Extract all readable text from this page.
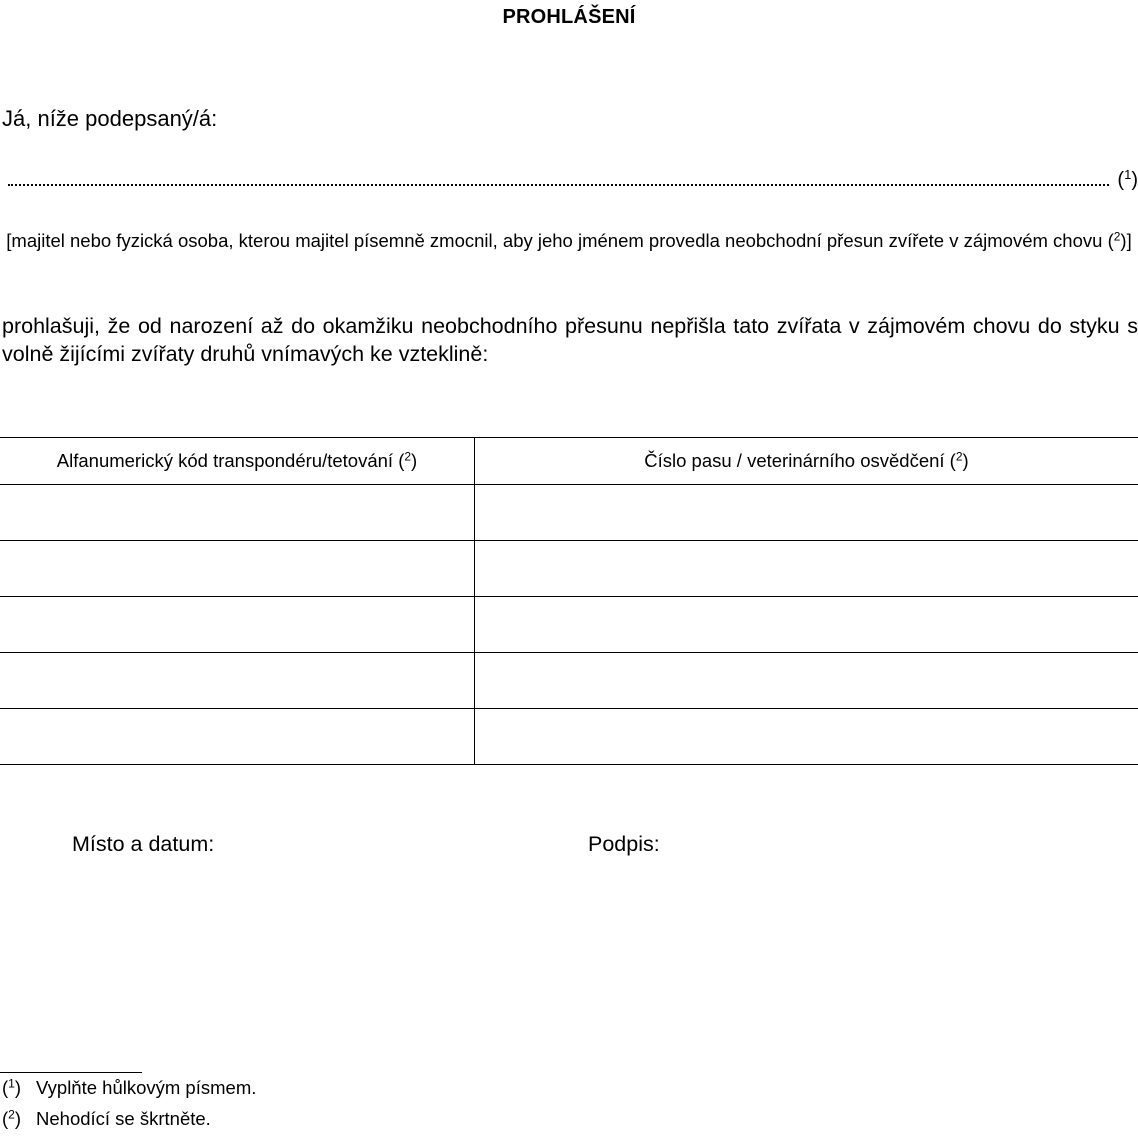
PROHLÁŠENÍ
Já, níže podepsaný/á:
($^1$)
[majitel nebo fyzická osoba, kterou majitel písemně zmocnil, aby jeho jménem provedla neobchodní přesun zvířete v zájmovém chovu ($^2$)]
prohlašuji, že od narození až do okamžiku neobchodního přesunu nepřišla tato zvířata v zájmovém chovu do styku s volně žijícími zvířaty druhů vnímavých ke vzteklině:
Alfanumerický kód transpondéru/tetování ($^2$)	Číslo pasu / veterinárního osvědčení ($^2$)

Místo a datum:	Podpis:
($^1$) Vyplňte hůlkovým písmem.
($^2$) Nehodící se škrtněte.
